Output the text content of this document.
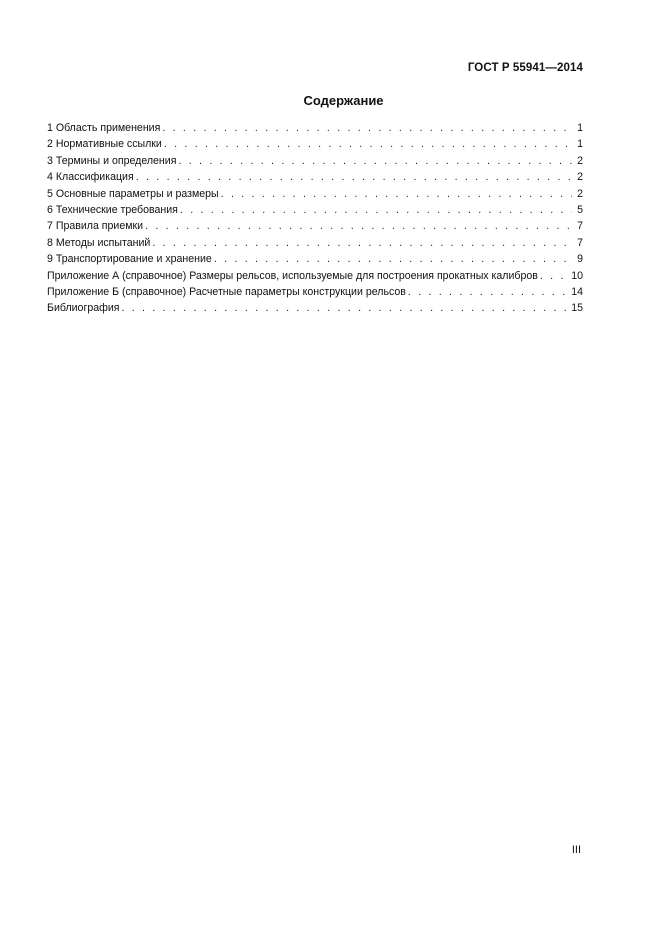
ГОСТ Р 55941—2014
Содержание
1 Область применения . . .	1
2 Нормативные ссылки . . .	1
3 Термины и определения . . .	2
4 Классификация . . .	2
5 Основные параметры и размеры . . .	2
6 Технические требования . . .	5
7 Правила приемки . . .	7
8 Методы испытаний . . .	7
9 Транспортирование и хранение . . .	9
Приложение А (справочное) Размеры рельсов, используемые для построения прокатных калибров . . .	10
Приложение Б (справочное) Расчетные параметры конструкции рельсов . . .	14
Библиография . . .	15
III
